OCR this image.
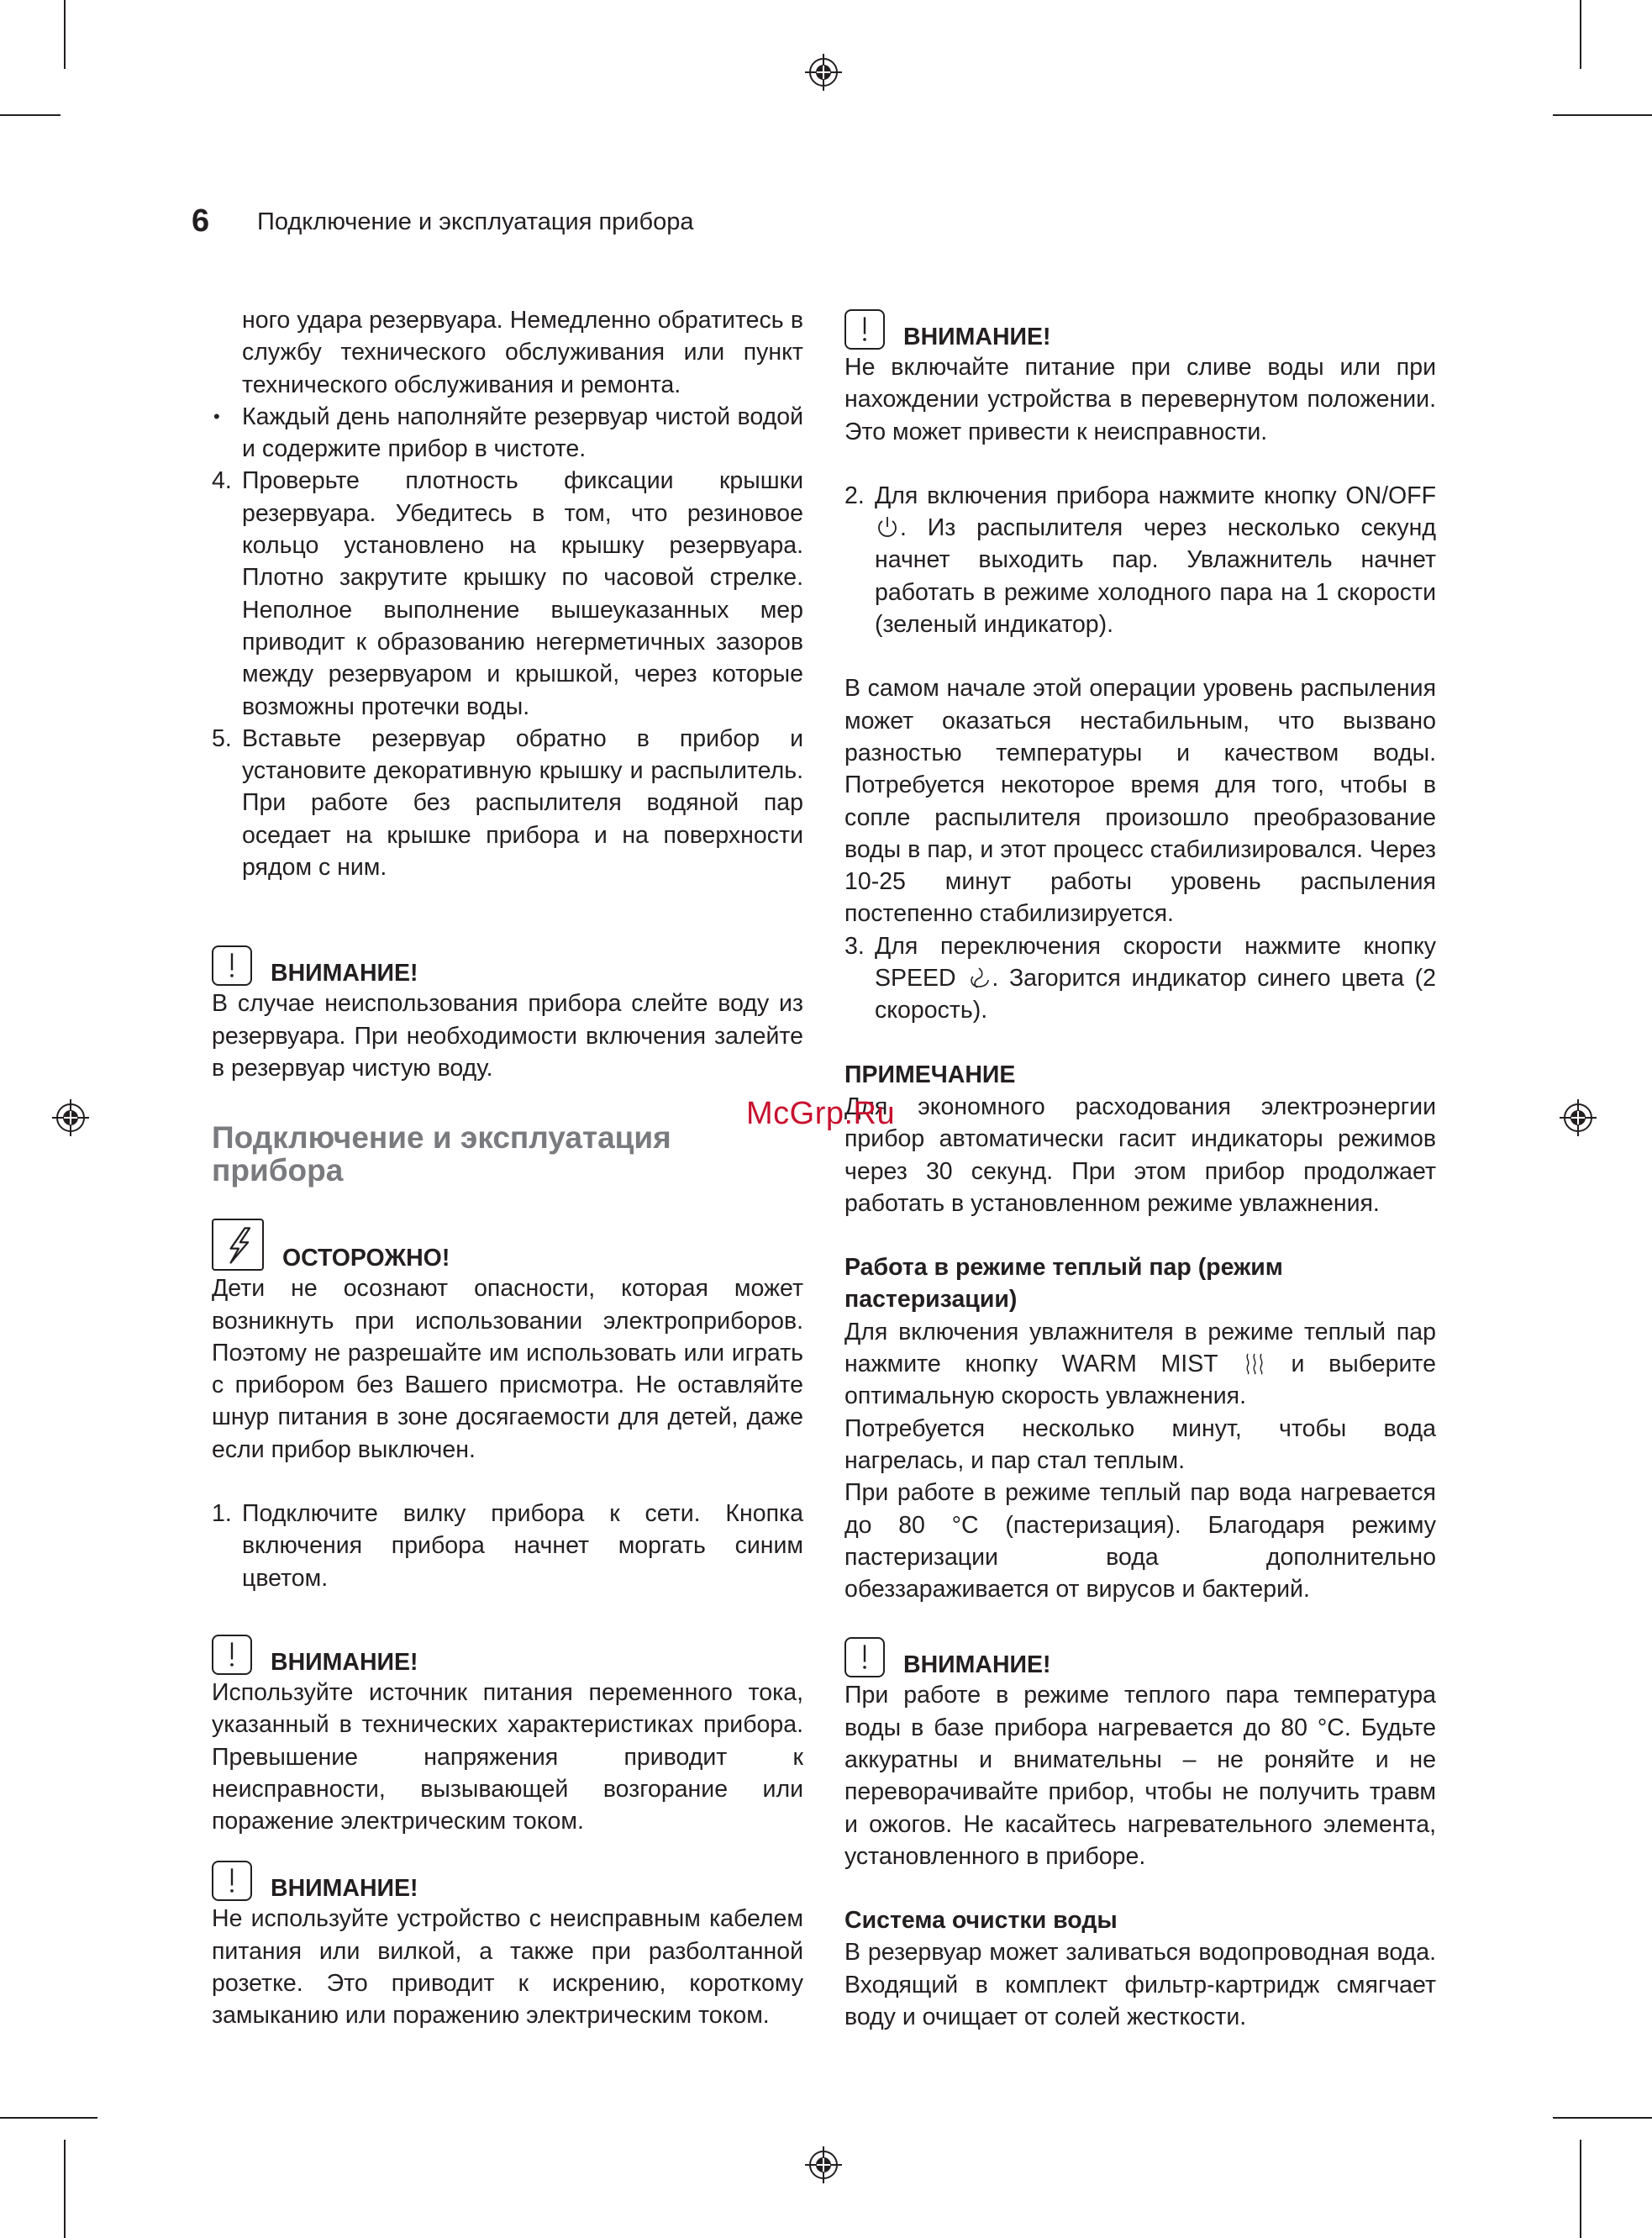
6 Подключение и эксплуатация прибора

ного удара резервуара. Немедленно обратитесь в службу технического обслуживания или пункт технического обслуживания и ремонта.

• Каждый день наполняйте резервуар чистой водой и содержите прибор в чистоте.
4. Проверьте плотность фиксации крышки резервуара. Убедитесь в том, что резиновое кольцо установлено на крышку резервуара. Плотно закрутите крышку по часовой стрелке. Неполное выполнение вышеуказанных мер приводит к образованию негерметичных зазоров между резервуаром и крышкой, через которые возможны протечки воды.
5. Вставьте резервуар обратно в прибор и установите декоративную крышку и распылитель. При работе без распылителя водяной пар оседает на крышке прибора и на поверхности рядом с ним.
ВНИМАНИЕ!

В случае неиспользования прибора слейте воду из резервуара. При необходимости включения залейте в резервуар чистую воду.

Подключение и эксплуатация прибора

ОСТОРОЖНО!

Дети не осознают опасности, которая может возникнуть при использовании электроприборов. Поэтому не разрешайте им использовать или играть с прибором без Вашего присмотра. Не оставляйте шнур питания в зоне досягаемости для детей, даже если прибор выключен.

1. Подключите вилку прибора к сети. Кнопка включения прибора начнет моргать синим цветом.
ВНИМАНИЕ!

Используйте источник питания переменного тока, указанный в технических характеристиках прибора. Превышение напряжения приводит к неисправности, вызывающей возгорание или поражение электрическим током.

ВНИМАНИЕ!

Не используйте устройство с неисправным кабелем питания или вилкой, а также при разболтанной розетке. Это приводит к искрению, короткому замыканию или поражению электрическим током.

ВНИМАНИЕ!

Не включайте питание при сливе воды или при нахождении устройства в перевернутом положении. Это может привести к неисправности.

2. Для включения прибора нажмите кнопку ON/OFF . Из распылителя через несколько секунд начнет выходить пар. Увлажнитель начнет работать в режиме холодного пара на 1 скорости (зеленый индикатор).

В самом начале этой операции уровень распыления может оказаться нестабильным, что вызвано разностью температуры и качеством воды. Потребуется некоторое время для того, чтобы в сопле распылителя произошло преобразование воды в пар, и этот процесс стабилизировался. Через 10-25 минут работы уровень распыления постепенно стабилизируется.

3. Для переключения скорости нажмите кнопку SPEED . Загорится индикатор синего цвета (2 скорость).

ПРИМЕЧАНИЕ

Для экономного расходования электроэнергии прибор автоматически гасит индикаторы режимов через 30 секунд. При этом прибор продолжает работать в установленном режиме увлажнения.

Работа в режиме теплый пар (режим пастеризации)

Для включения увлажнителя в режиме теплый пар нажмите кнопку WARM MIST  и выберите оптимальную скорость увлажнения.

Потребуется несколько минут, чтобы вода нагрелась, и пар стал теплым.

При работе в режиме теплый пар вода нагревается до 80 °C (пастеризация). Благодаря режиму пастеризации вода дополнительно обеззараживается от вирусов и бактерий.

ВНИМАНИЕ!

При работе в режиме теплого пара температура воды в базе прибора нагревается до 80 °C. Будьте аккуратны и внимательны – не роняйте и не переворачивайте прибор, чтобы не получить травм и ожогов. Не касайтесь нагревательного элемента, установленного в приборе.

Система очистки воды

В резервуар может заливаться водопроводная вода. Входящий в комплект фильтр-картридж смягчает воду и очищает от солей жесткости.

McGrp.Ru
